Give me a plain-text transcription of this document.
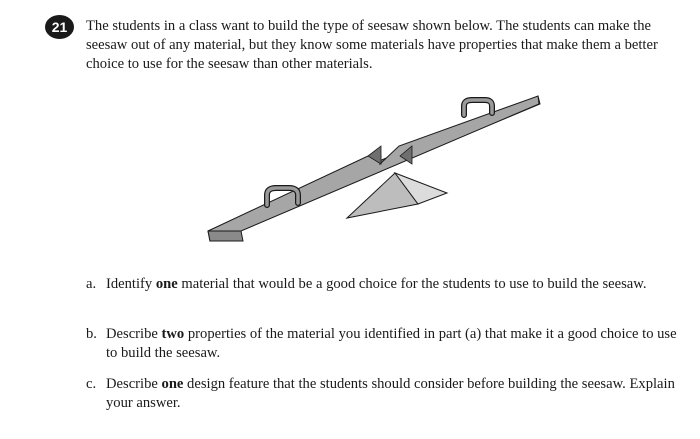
21 The students in a class want to build the type of seesaw shown below. The students can make the seesaw out of any material, but they know some materials have properties that make them a better choice to use for the seesaw than other materials.
a. Identify one material that would be a good choice for the students to use to build the seesaw.
b. Describe two properties of the material you identified in part (a) that make it a good choice to use to build the seesaw.
c. Describe one design feature that the students should consider before building the seesaw. Explain your answer.
